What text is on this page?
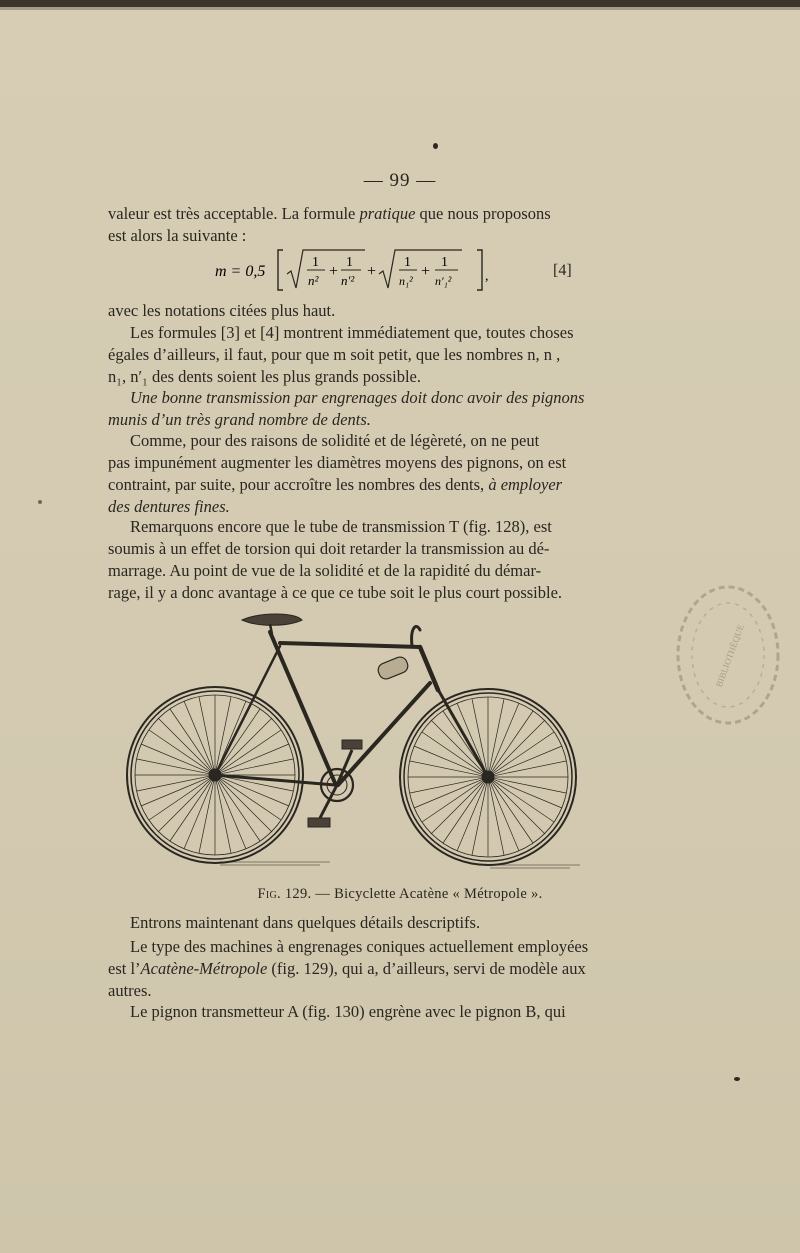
— 99 —

valeur est très acceptable. La formule pratique que nous proposons
est alors la suivante :

m = 0,5
1
n²
+
1
n′²
+
1
n₁²
+
1
n′₁² ,	[4]

avec les notations citées plus haut.

Les formules [3] et [4] montrent immédiatement que, toutes choses
égales d’ailleurs, il faut, pour que m soit petit, que les nombres n, n ,
n₁, n′₁ des dents soient les plus grands possible.

Une bonne transmission par engrenages doit donc avoir des pignons
munis d’un très grand nombre de dents.

Comme, pour des raisons de solidité et de légèreté, on ne peut
pas impunément augmenter les diamètres moyens des pignons, on est
contraint, par suite, pour accroître les nombres des dents, à employer
des dentures fines.

Remarquons encore que le tube de transmission T (fig. 128), est
soumis à un effet de torsion qui doit retarder la transmission au dé-
marrage. Au point de vue de la solidité et de la rapidité du démar-
rage, il y a donc avantage à ce que ce tube soit le plus court possible.

Fig. 129. — Bicyclette Acatène « Métropole ».

Entrons maintenant dans quelques détails descriptifs.

Le type des machines à engrenages coniques actuellement employées
est l’Acatène-Métropole (fig. 129), qui a, d’ailleurs, servi de modèle aux
autres.

Le pignon transmetteur A (fig. 130) engrène avec le pignon B, qui

BIBLIOTHÈQUE
